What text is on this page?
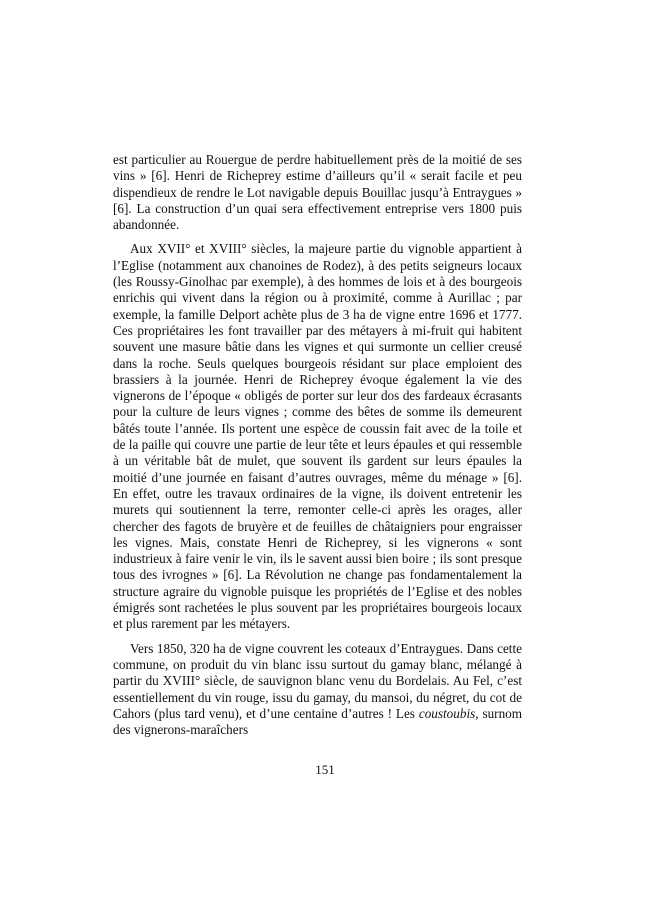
est particulier au Rouergue de perdre habituellement près de la moitié de ses vins » [6]. Henri de Richeprey estime d’ailleurs qu’il « serait facile et peu dispendieux de rendre le Lot navigable depuis Bouillac jusqu’à Entraygues » [6]. La construction d’un quai sera effectivement entreprise vers 1800 puis abandonnée.

Aux XVII° et XVIII° siècles, la majeure partie du vignoble appartient à l’Eglise (notamment aux chanoines de Rodez), à des petits seigneurs locaux (les Roussy-Ginolhac par exemple), à des hommes de lois et à des bourgeois enrichis qui vivent dans la région ou à proximité, comme à Aurillac ; par exemple, la famille Delport achète plus de 3 ha de vigne entre 1696 et 1777. Ces propriétaires les font travailler par des métayers à mi-fruit qui habitent souvent une masure bâtie dans les vignes et qui surmonte un cellier creusé dans la roche. Seuls quelques bourgeois résidant sur place emploient des brassiers à la journée. Henri de Richeprey évoque également la vie des vignerons de l’époque « obligés de porter sur leur dos des fardeaux écrasants pour la culture de leurs vignes ; comme des bêtes de somme ils demeurent bâtés toute l’année. Ils portent une espèce de coussin fait avec de la toile et de la paille qui couvre une partie de leur tête et leurs épaules et qui ressemble à un véritable bât de mulet, que souvent ils gardent sur leurs épaules la moitié d’une journée en faisant d’autres ouvrages, même du ménage » [6]. En effet, outre les travaux ordinaires de la vigne, ils doivent entretenir les murets qui soutiennent la terre, remonter celle-ci après les orages, aller chercher des fagots de bruyère et de feuilles de châtaigniers pour engraisser les vignes. Mais, constate Henri de Richeprey, si les vignerons « sont industrieux à faire venir le vin, ils le savent aussi bien boire ; ils sont presque tous des ivrognes » [6]. La Révolution ne change pas fondamentalement la structure agraire du vignoble puisque les propriétés de l’Eglise et des nobles émigrés sont rachetées le plus souvent par les propriétaires bourgeois locaux et plus rarement par les métayers.

Vers 1850, 320 ha de vigne couvrent les coteaux d’Entraygues. Dans cette commune, on produit du vin blanc issu surtout du gamay blanc, mélangé à partir du XVIII° siècle, de sauvignon blanc venu du Bordelais. Au Fel, c’est essentiellement du vin rouge, issu du gamay, du mansoi, du négret, du cot de Cahors (plus tard venu), et d’une centaine d’autres ! Les coustoubis, surnom des vignerons-maraîchers

151
